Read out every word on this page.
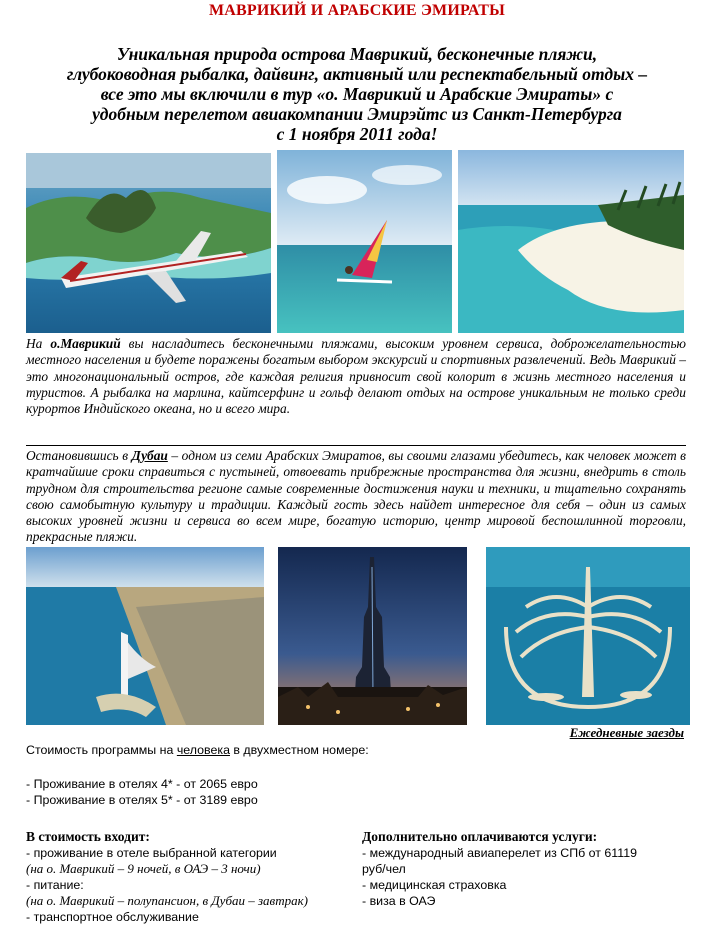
МАВРИКИЙ И АРАБСКИЕ ЭМИРАТЫ
Уникальная природа острова Маврикий, бесконечные пляжи,
глубоководная рыбалка, дайвинг, активный или респектабельный отдых –
все это мы включили в тур «о. Маврикий и Арабские Эмираты» с
удобным перелетом авиакомпании Эмирэйтс из Санкт-Петербурга
с 1 ноября 2011 года!
На о.Маврикий вы насладитесь бесконечными пляжами, высоким уровнем сервиса, доброжелательностью местного населения и будете поражены богатым выбором экскурсий и спортивных развлечений. Ведь Маврикий – это многонациональный остров, где каждая религия привносит свой колорит в жизнь местного населения и туристов. А рыбалка на марлина, кайтсерфинг и гольф делают отдых на острове уникальным не только среди курортов Индийского океана, но и всего мира.
Остановившись в Дубаи – одном из семи Арабских Эмиратов, вы своими глазами убедитесь, как человек может в кратчайшие сроки справиться с пустыней, отвоевать прибрежные пространства для жизни, внедрить в столь трудном для строительства регионе самые современные достижения науки и техники, и тщательно сохранять свою самобытную культуру и традиции. Каждый гость здесь найдет интересное для себя – один из самых высоких уровней жизни и сервиса во всем мире, богатую историю, центр мировой беспошлинной торговли, прекрасные пляжи.
Ежедневные заезды
Стоимость программы на человека в двухместном номере:
- Проживание в отелях 4* - от 2065 евро
- Проживание в отелях 5* - от 3189 евро
В стоимость входит:
- проживание в отеле выбранной категории
(на о. Маврикий – 9 ночей, в ОАЭ – 3 ночи)
- питание:
(на о. Маврикий – полупансион, в Дубаи – завтрак)
- транспортное обслуживание
Дополнительно оплачиваются услуги:
- международный авиаперелет из СПб от 61119
руб/чел
- медицинская страховка
- виза в ОАЭ
